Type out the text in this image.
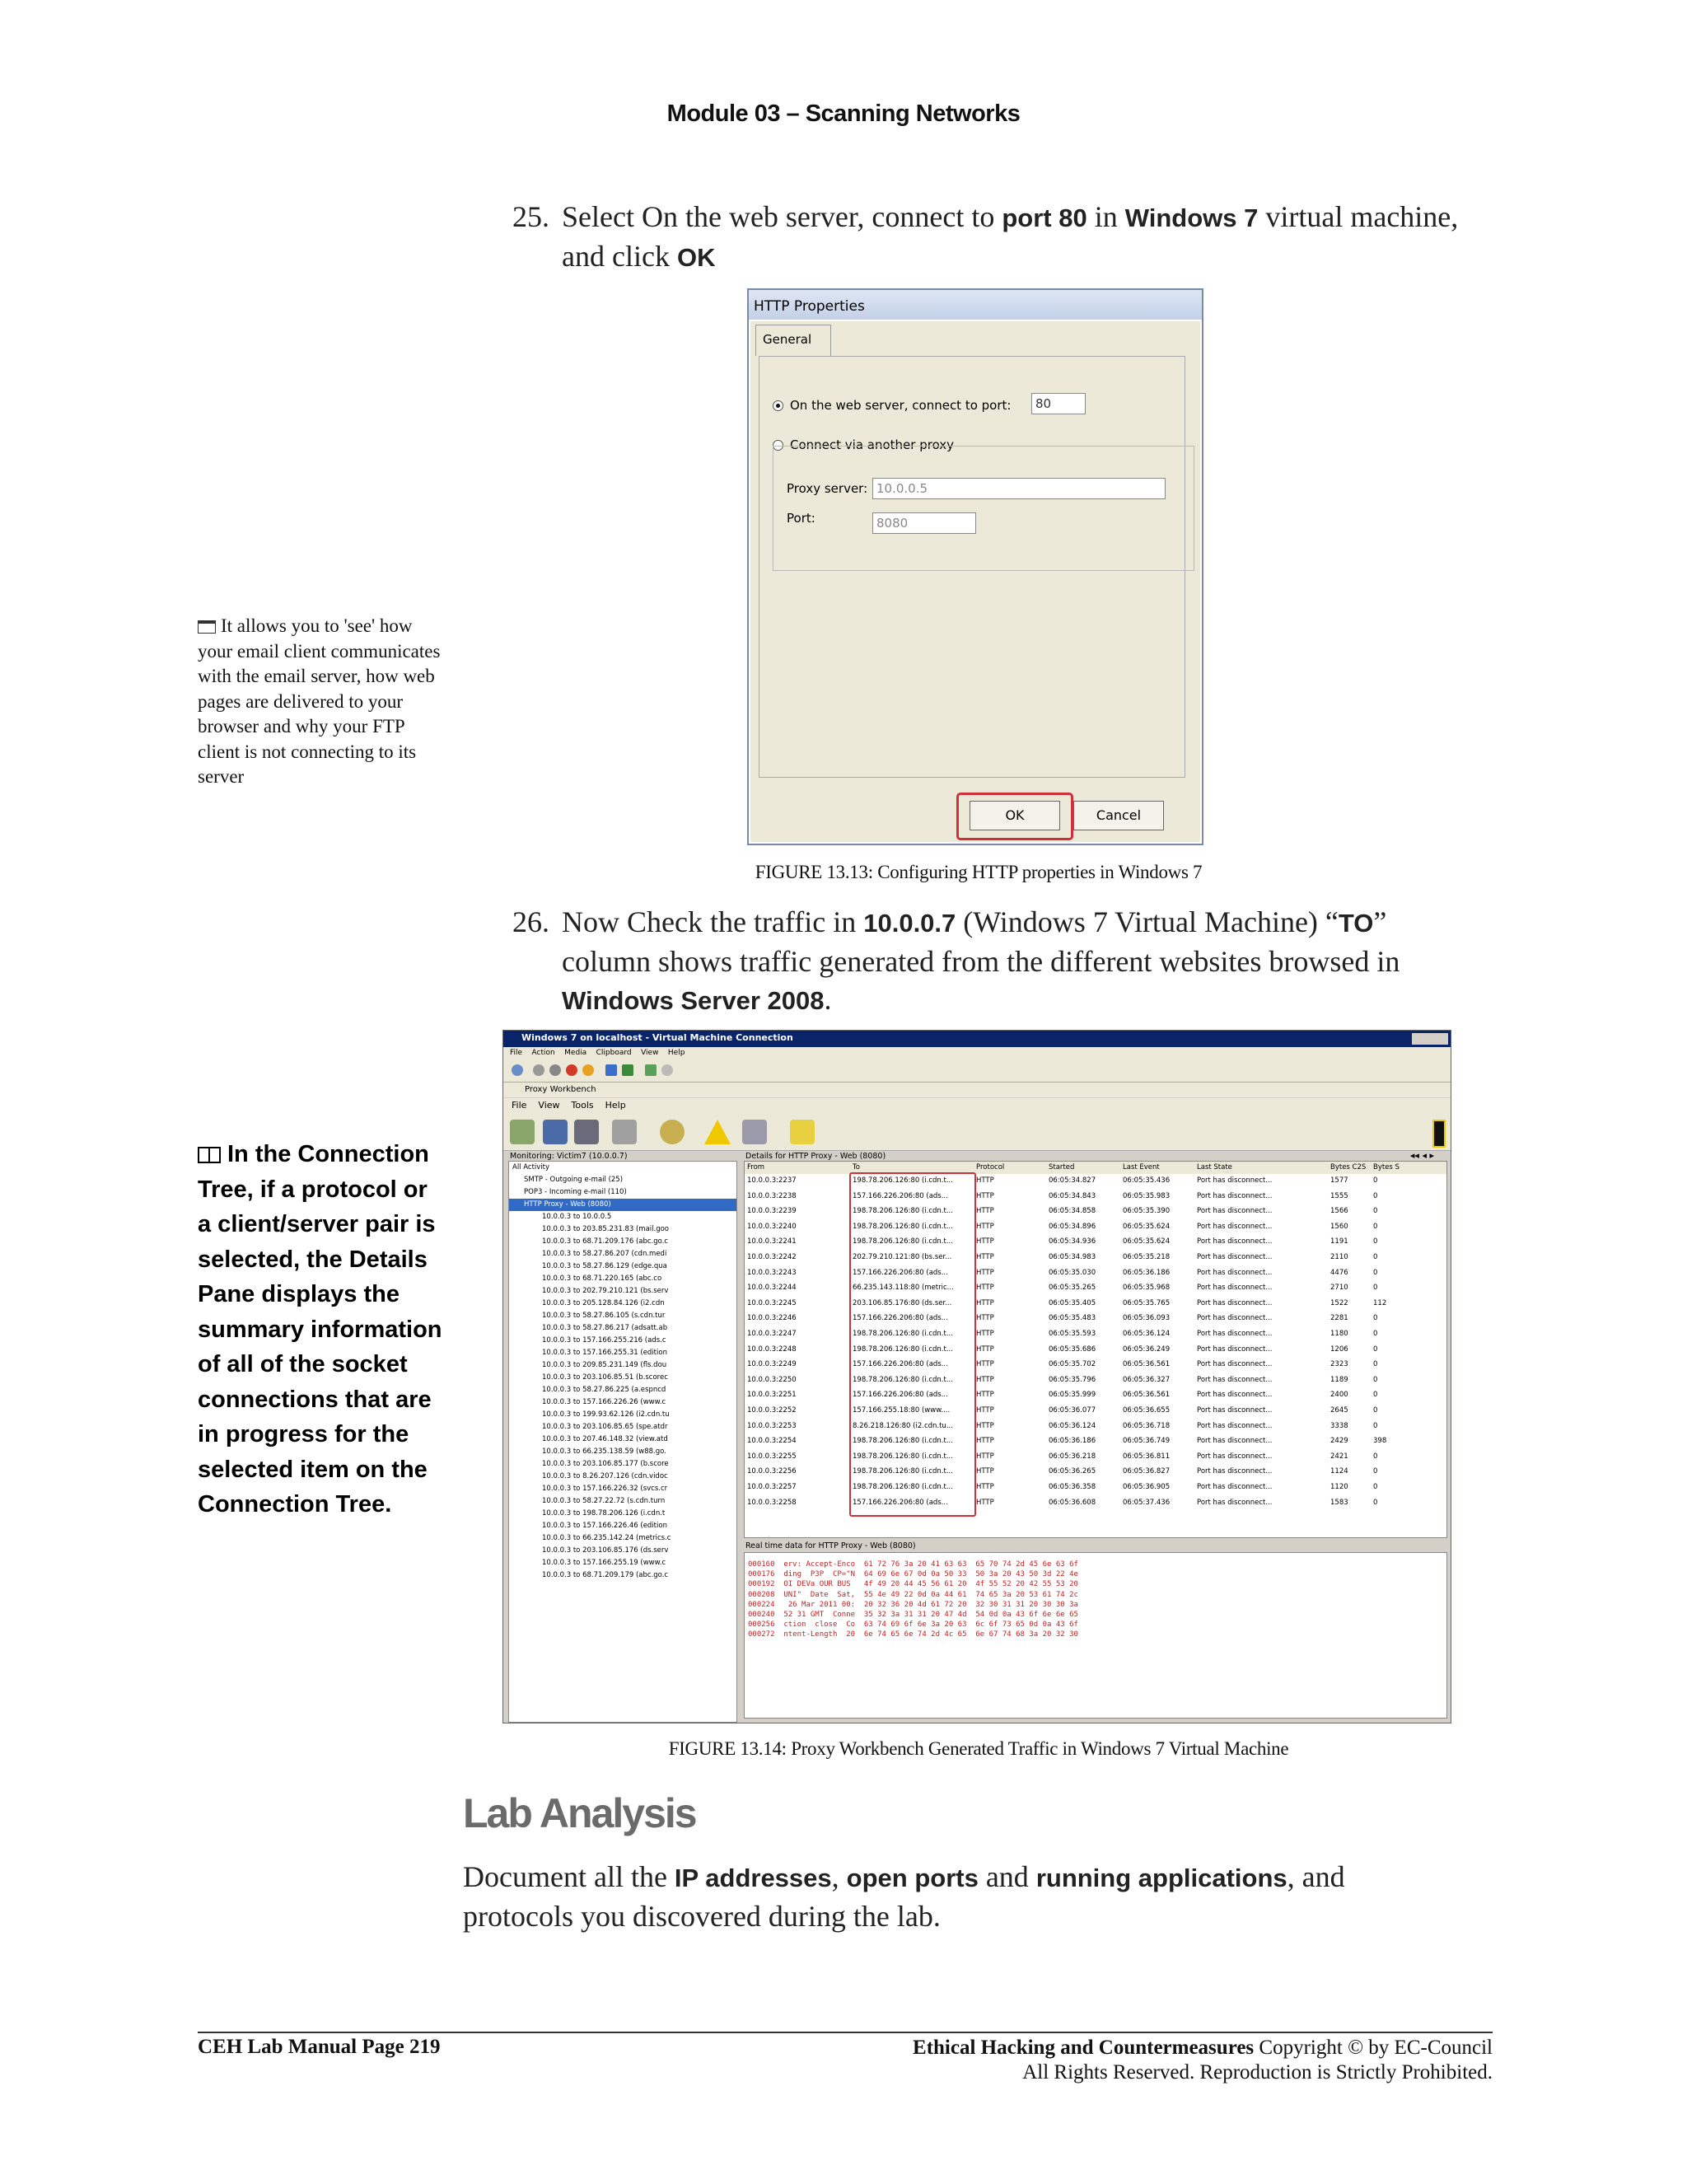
Module 03 – Scanning Networks
25. Select On the web server, connect to port 80 in Windows 7 virtual machine,
and click OK
HTTP Properties
General
On the web server, connect to port:	80
Connect via another proxy
Proxy server: 10.0.0.5
Port:	8080
OK	Cancel
FIGURE 13.13: Configuring HTTP properties in Windows 7
It allows you to 'see' how your email client communicates with the email server, how web pages are delivered to your browser and why your FTP client is not connecting to its server
26. Now Check the traffic in 10.0.0.7 (Windows 7 Virtual Machine) “TO”
column shows traffic generated from the different websites browsed in
Windows Server 2008.
In the Connection Tree, if a protocol or a client/server pair is selected, the Details Pane displays the summary information of all of the socket connections that are in progress for the selected item on the Connection Tree.
Windows 7 on localhost - Virtual Machine Connection
File Action Media Clipboard View Help
Proxy Workbench
File View Tools Help
Monitoring: Victim7 (10.0.0.7)	Details for HTTP Proxy - Web (8080)	◂◂ ◂ ▸
All Activity
SMTP - Outgoing e-mail (25)
POP3 - Incoming e-mail (110)
HTTP Proxy - Web (8080)
10.0.0.3 to 10.0.0.5
10.0.0.3 to 203.85.231.83 (mail.goo
10.0.0.3 to 68.71.209.176 (abc.go.c
10.0.0.3 to 58.27.86.207 (cdn.medi
10.0.0.3 to 58.27.86.129 (edge.qua
10.0.0.3 to 68.71.220.165 (abc.co
10.0.0.3 to 202.79.210.121 (bs.serv
10.0.0.3 to 205.128.84.126 (i2.cdn
10.0.0.3 to 58.27.86.105 (s.cdn.tur
10.0.0.3 to 58.27.86.217 (adsatt.ab
10.0.0.3 to 157.166.255.216 (ads.c
10.0.0.3 to 157.166.255.31 (edition
10.0.0.3 to 209.85.231.149 (fls.dou
10.0.0.3 to 203.106.85.51 (b.scorec
10.0.0.3 to 58.27.86.225 (a.espncd
10.0.0.3 to 157.166.226.26 (www.c
10.0.0.3 to 199.93.62.126 (i2.cdn.tu
10.0.0.3 to 203.106.85.65 (spe.atdr
10.0.0.3 to 207.46.148.32 (view.atd
10.0.0.3 to 66.235.138.59 (w88.go.
10.0.0.3 to 203.106.85.177 (b.score
10.0.0.3 to 8.26.207.126 (cdn.vidoc
10.0.0.3 to 157.166.226.32 (svcs.cr
10.0.0.3 to 58.27.22.72 (s.cdn.turn
10.0.0.3 to 198.78.206.126 (i.cdn.t
10.0.0.3 to 157.166.226.46 (edition
10.0.0.3 to 66.235.142.24 (metrics.c
10.0.0.3 to 203.106.85.176 (ds.serv
10.0.0.3 to 157.166.255.19 (www.c
10.0.0.3 to 68.71.209.179 (abc.go.c
From	To	Protocol	Started	Last Event	Last State	Bytes C2S	Bytes S
10.0.0.3:2237	198.78.206.126:80 (i.cdn.t...	HTTP	06:05:34.827	06:05:35.436	Port has disconnect...	1577	0
10.0.0.3:2238	157.166.226.206:80 (ads...	HTTP	06:05:34.843	06:05:35.983	Port has disconnect...	1555	0
10.0.0.3:2239	198.78.206.126:80 (i.cdn.t...	HTTP	06:05:34.858	06:05:35.390	Port has disconnect...	1566	0
10.0.0.3:2240	198.78.206.126:80 (i.cdn.t...	HTTP	06:05:34.896	06:05:35.624	Port has disconnect...	1560	0
10.0.0.3:2241	198.78.206.126:80 (i.cdn.t...	HTTP	06:05:34.936	06:05:35.624	Port has disconnect...	1191	0
10.0.0.3:2242	202.79.210.121:80 (bs.ser...	HTTP	06:05:34.983	06:05:35.218	Port has disconnect...	2110	0
10.0.0.3:2243	157.166.226.206:80 (ads...	HTTP	06:05:35.030	06:05:36.186	Port has disconnect...	4476	0
10.0.0.3:2244	66.235.143.118:80 (metric...	HTTP	06:05:35.265	06:05:35.968	Port has disconnect...	2710	0
10.0.0.3:2245	203.106.85.176:80 (ds.ser...	HTTP	06:05:35.405	06:05:35.765	Port has disconnect...	1522	112
10.0.0.3:2246	157.166.226.206:80 (ads...	HTTP	06:05:35.483	06:05:36.093	Port has disconnect...	2281	0
10.0.0.3:2247	198.78.206.126:80 (i.cdn.t...	HTTP	06:05:35.593	06:05:36.124	Port has disconnect...	1180	0
10.0.0.3:2248	198.78.206.126:80 (i.cdn.t...	HTTP	06:05:35.686	06:05:36.249	Port has disconnect...	1206	0
10.0.0.3:2249	157.166.226.206:80 (ads...	HTTP	06:05:35.702	06:05:36.561	Port has disconnect...	2323	0
10.0.0.3:2250	198.78.206.126:80 (i.cdn.t...	HTTP	06:05:35.796	06:05:36.327	Port has disconnect...	1189	0
10.0.0.3:2251	157.166.226.206:80 (ads...	HTTP	06:05:35.999	06:05:36.561	Port has disconnect...	2400	0
10.0.0.3:2252	157.166.255.18:80 (www....	HTTP	06:05:36.077	06:05:36.655	Port has disconnect...	2645	0
10.0.0.3:2253	8.26.218.126:80 (i2.cdn.tu...	HTTP	06:05:36.124	06:05:36.718	Port has disconnect...	3338	0
10.0.0.3:2254	198.78.206.126:80 (i.cdn.t...	HTTP	06:05:36.186	06:05:36.749	Port has disconnect...	2429	398
10.0.0.3:2255	198.78.206.126:80 (i.cdn.t...	HTTP	06:05:36.218	06:05:36.811	Port has disconnect...	2421	0
10.0.0.3:2256	198.78.206.126:80 (i.cdn.t...	HTTP	06:05:36.265	06:05:36.827	Port has disconnect...	1124	0
10.0.0.3:2257	198.78.206.126:80 (i.cdn.t...	HTTP	06:05:36.358	06:05:36.905	Port has disconnect...	1120	0
10.0.0.3:2258	157.166.226.206:80 (ads...	HTTP	06:05:36.608	06:05:37.436	Port has disconnect...	1583	0
Real time data for HTTP Proxy - Web (8080)
000160  erv: Accept-Enco  61 72 76 3a 20 41 63 63  65 70 74 2d 45 6e 63 6f
000176  ding  P3P  CP="N  64 69 6e 67 0d 0a 50 33  50 3a 20 43 50 3d 22 4e
000192  OI DEVa OUR BUS   4f 49 20 44 45 56 61 20  4f 55 52 20 42 55 53 20
000208  UNI"  Date  Sat,  55 4e 49 22 0d 0a 44 61  74 65 3a 20 53 61 74 2c
000224   26 Mar 2011 00:  20 32 36 20 4d 61 72 20  32 30 31 31 20 30 30 3a
000240  52 31 GMT  Conne  35 32 3a 31 31 20 47 4d  54 0d 0a 43 6f 6e 6e 65
000256  ction  close  Co  63 74 69 6f 6e 3a 20 63  6c 6f 73 65 0d 0a 43 6f
000272  ntent-Length  20  6e 74 65 6e 74 2d 4c 65  6e 67 74 68 3a 20 32 30
FIGURE 13.14: Proxy Workbench Generated Traffic in Windows 7 Virtual Machine
Lab Analysis
Document all the IP addresses, open ports and running applications, and
protocols you discovered during the lab.
CEH Lab Manual Page 219	Ethical Hacking and Countermeasures Copyright © by EC-Council
All Rights Reserved. Reproduction is Strictly Prohibited.
